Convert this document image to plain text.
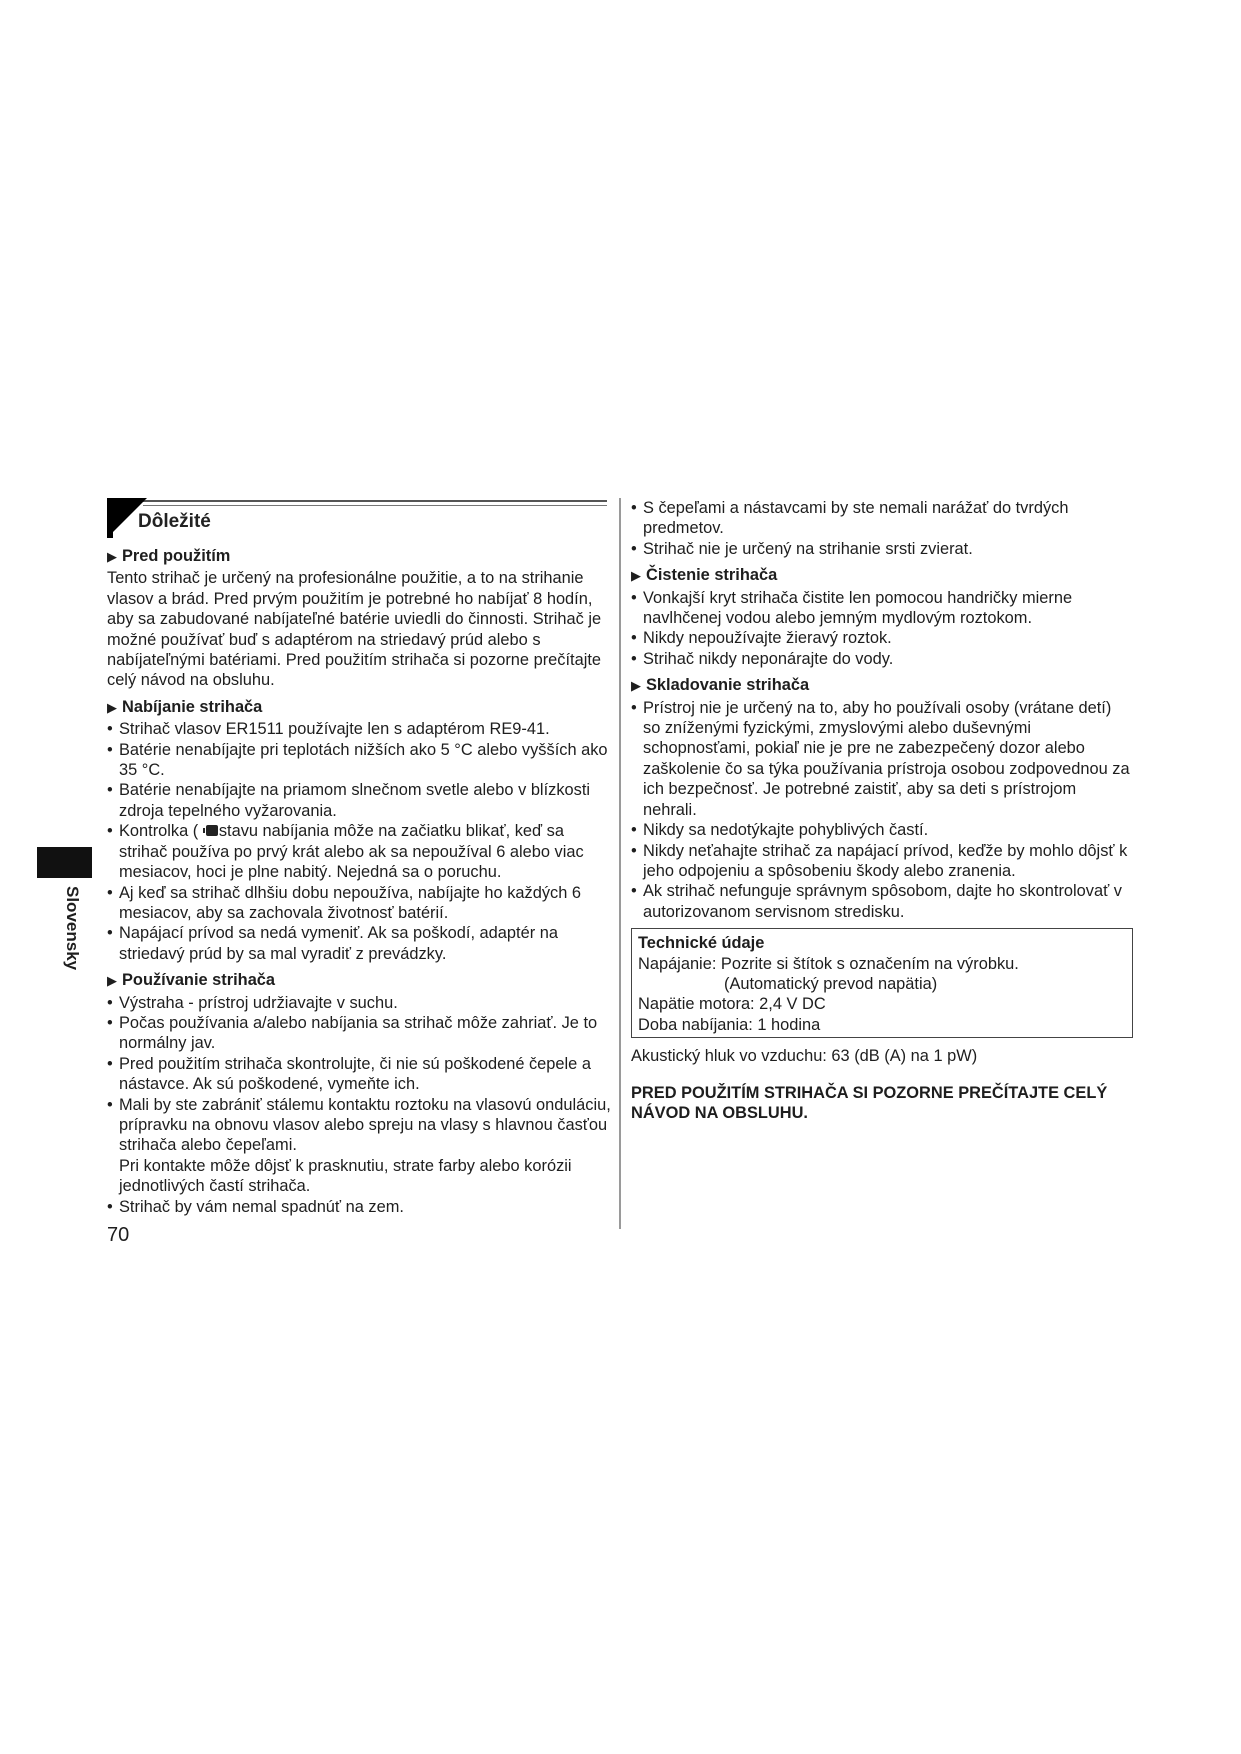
Slovensky
Dôležité
▶ Pred použitím

Tento strihač je určený na profesionálne použitie, a to na strihanie vlasov a brád. Pred prvým použitím je potrebné ho nabíjať 8 hodín, aby sa zabudované nabíjateľné batérie uviedli do činnosti. Strihač je možné používať buď s adaptérom na striedavý prúd alebo s nabíjateľnými batériami. Pred použitím strihača si pozorne prečítajte celý návod na obsluhu.

▶ Nabíjanie strihača
• Strihač vlasov ER1511 používajte len s adaptérom RE9-41.
• Batérie nenabíjajte pri teplotách nižších ako 5 °C alebo vyšších ako 35 °C.
• Batérie nenabíjajte na priamom slnečnom svetle alebo v blízkosti zdroja tepelného vyžarovania.
• Kontrolka ( stavu nabíjania môže na začiatku blikať, keď sa strihač používa po prvý krát alebo ak sa nepoužíval 6 alebo viac mesiacov, hoci je plne nabitý. Nejedná sa o poruchu.
• Aj keď sa strihač dlhšiu dobu nepoužíva, nabíjajte ho každých 6 mesiacov, aby sa zachovala životnosť batérií.
• Napájací prívod sa nedá vymeniť. Ak sa poškodí, adaptér na striedavý prúd by sa mal vyradiť z prevádzky.
▶ Používanie strihača
• Výstraha - prístroj udržiavajte v suchu.
• Počas používania a/alebo nabíjania sa strihač môže zahriať. Je to normálny jav.
• Pred použitím strihača skontrolujte, či nie sú poškodené čepele a nástavce. Ak sú poškodené, vymeňte ich.
• Mali by ste zabrániť stálemu kontaktu roztoku na vlasovú onduláciu, prípravku na obnovu vlasov alebo spreju na vlasy s hlavnou časťou strihača alebo čepeľami.
Pri kontakte môže dôjsť k prasknutiu, strate farby alebo korózii jednotlivých častí strihača.
• Strihač by vám nemal spadnúť na zem.
• S čepeľami a nástavcami by ste nemali narážať do tvrdých predmetov.
• Strihač nie je určený na strihanie srsti zvierat.
▶ Čistenie strihača
• Vonkajší kryt strihača čistite len pomocou handričky mierne navlhčenej vodou alebo jemným mydlovým roztokom.
• Nikdy nepoužívajte žieravý roztok.
• Strihač nikdy neponárajte do vody.
▶ Skladovanie strihača
• Prístroj nie je určený na to, aby ho používali osoby (vrátane detí) so zníženými fyzickými, zmyslovými alebo duševnými schopnosťami, pokiaľ nie je pre ne zabezpečený dozor alebo zaškolenie čo sa týka používania prístroja osobou zodpovednou za ich bezpečnosť. Je potrebné zaistiť, aby sa deti s prístrojom nehrali.
• Nikdy sa nedotýkajte pohyblivých častí.
• Nikdy neťahajte strihač za napájací prívod, keďže by mohlo dôjsť k jeho odpojeniu a spôsobeniu škody alebo zranenia.
• Ak strihač nefunguje správnym spôsobom, dajte ho skontrolovať v autorizovanom servisnom stredisku.
Technické údaje
Napájanie: Pozrite si štítok s označením na výrobku.
(Automatický prevod napätia)
Napätie motora: 2,4 V DC
Doba nabíjania: 1 hodina
Akustický hluk vo vzduchu: 63 (dB (A) na 1 pW)
PRED POUŽITÍM STRIHAČA SI POZORNE PREČÍTAJTE CELÝ NÁVOD NA OBSLUHU.
70
